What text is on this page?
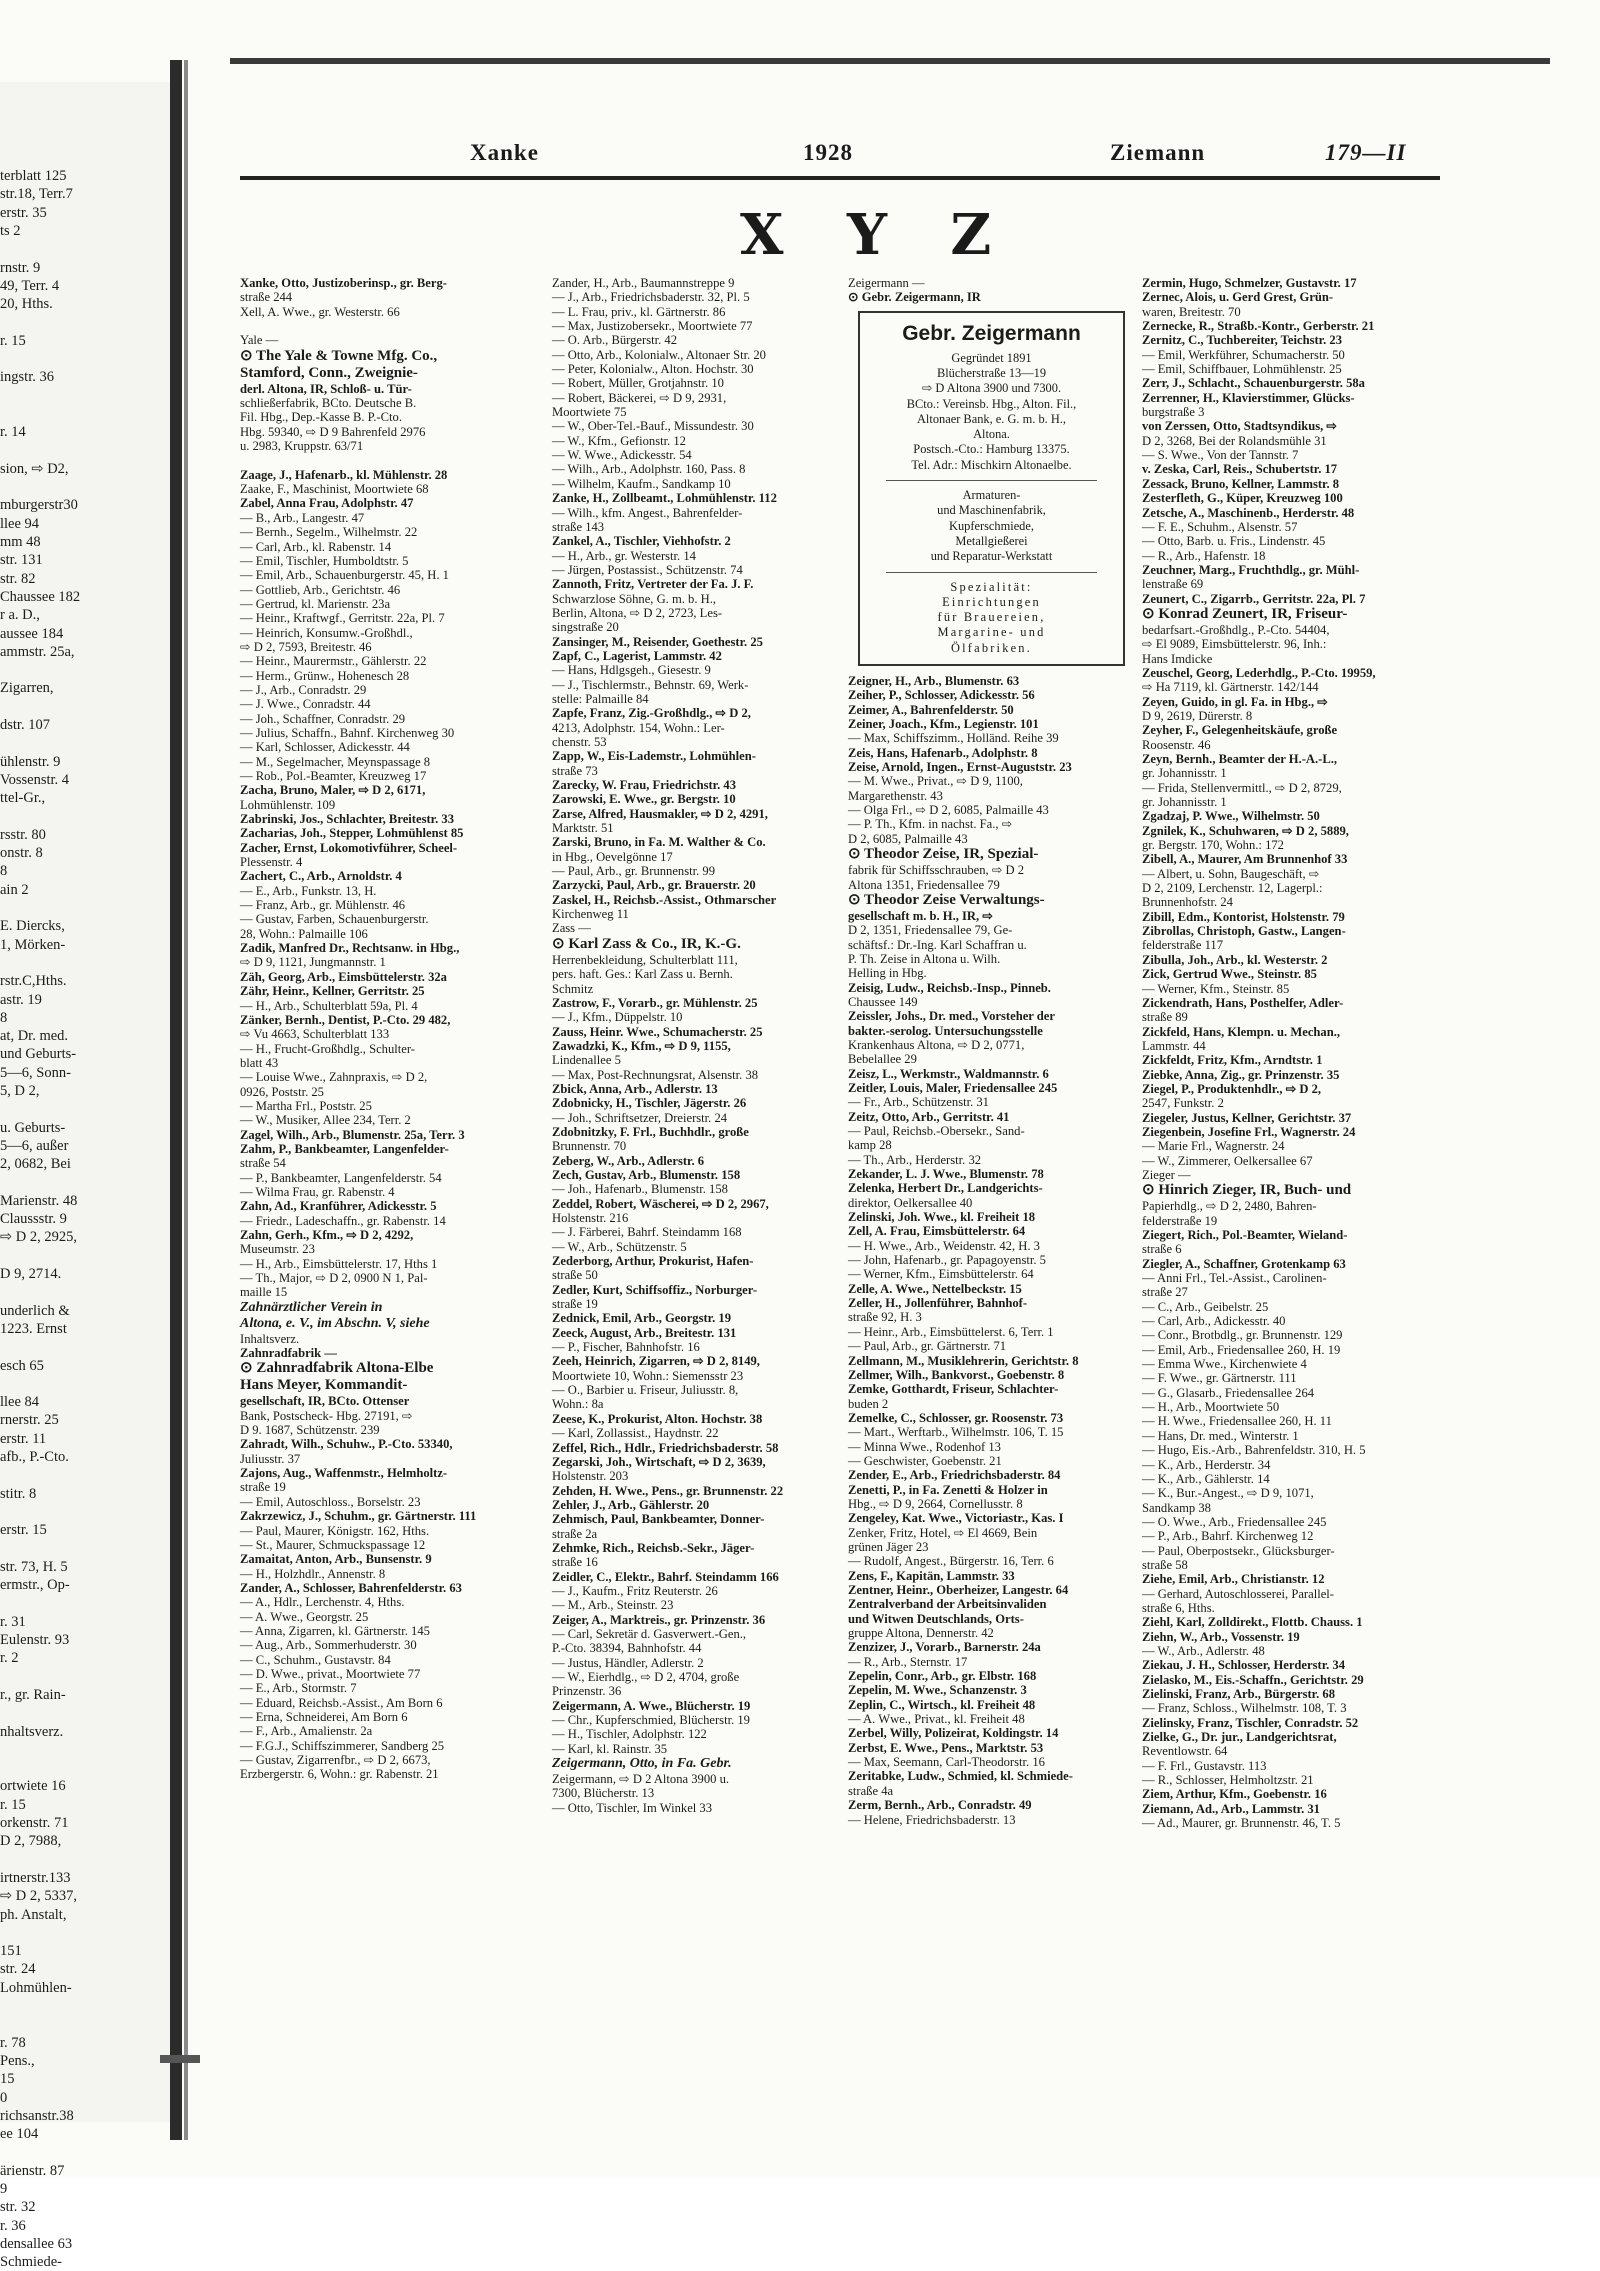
terblatt 125
str.18, Terr.7
erstr. 35
ts 2
rnstr. 9
49, Terr. 4
20, Hths.
r. 15
ingstr. 36
r. 14
sion, ⇨ D2,
mburgerstr30
llee 94
mm 48
str. 131
str. 82
Chaussee 182
r a. D.,
aussee 184
ammstr. 25a,
Zigarren,
dstr. 107
ühlenstr. 9
Vossenstr. 4
ttel-Gr.,
rsstr. 80
onstr. 8
8
ain 2
E. Diercks,
1, Mörken-
rstr.C,Hths.
astr. 19
8
at, Dr. med.
und Geburts-
5—6, Sonn-
5, D 2,
u. Geburts-
5—6, außer
2, 0682, Bei
Marienstr. 48
Claussstr. 9
⇨ D 2, 2925,
D 9, 2714.
underlich &
1223. Ernst
esch 65
llee 84
rnerstr. 25
erstr. 11
afb., P.-Cto.
stitr. 8
erstr. 15
str. 73, H. 5
ermstr., Op-
r. 31
Eulenstr. 93
r. 2
r., gr. Rain-
nhaltsverz.
ortwiete 16
r. 15
orkenstr. 71
D 2, 7988,
irtnerstr.133
⇨ D 2, 5337,
ph. Anstalt,
151
str. 24
Lohmühlen-
r. 78
Pens.,
15
0
richsanstr.38
ee 104
ärienstr. 87
9
str. 32
r. 36
densallee 63
Schmiede-
Xanke	1928	Ziemann	179—II
X Y Z
Xanke, Otto, Justizoberinsp., gr. Berg-
straße 244
Xell, A. Wwe., gr. Westerstr. 66

Yale —
⊙ The Yale & Towne Mfg. Co.,
Stamford, Conn., Zweignie-
derl. Altona, IR, Schloß- u. Tür-
schließerfabrik, BCto. Deutsche B.
Fil. Hbg., Dep.-Kasse B. P.-Cto.
Hbg. 59340, ⇨ D 9 Bahrenfeld 2976
u. 2983, Kruppstr. 63/71

Zaage, J., Hafenarb., kl. Mühlenstr. 28
Zaake, F., Maschinist, Moortwiete 68
Zabel, Anna Frau, Adolphstr. 47
— B., Arb., Langestr. 47
— Bernh., Segelm., Wilhelmstr. 22
— Carl, Arb., kl. Rabenstr. 14
— Emil, Tischler, Humboldtstr. 5
— Emil, Arb., Schauenburgerstr. 45, H. 1
— Gottlieb, Arb., Gerichtstr. 46
— Gertrud, kl. Marienstr. 23a
— Heinr., Kraftwgf., Gerritstr. 22a, Pl. 7
— Heinrich, Konsumw.-Großhdl.,
⇨ D 2, 7593, Breitestr. 46
— Heinr., Maurermstr., Gählerstr. 22
— Herm., Grünw., Hohenesch 28
— J., Arb., Conradstr. 29
— J. Wwe., Conradstr. 44
— Joh., Schaffner, Conradstr. 29
— Julius, Schaffn., Bahnf. Kirchenweg 30
— Karl, Schlosser, Adickesstr. 44
— M., Segelmacher, Meynspassage 8
— Rob., Pol.-Beamter, Kreuzweg 17
Zacha, Bruno, Maler, ⇨ D 2, 6171,
Lohmühlenstr. 109
Zabrinski, Jos., Schlachter, Breitestr. 33
Zacharias, Joh., Stepper, Lohmühlenst 85
Zacher, Ernst, Lokomotivführer, Scheel-
Plessenstr. 4
Zachert, C., Arb., Arnoldstr. 4
— E., Arb., Funkstr. 13, H.
— Franz, Arb., gr. Mühlenstr. 46
— Gustav, Farben, Schauenburgerstr.
28, Wohn.: Palmaille 106
Zadik, Manfred Dr., Rechtsanw. in Hbg.,
⇨ D 9, 1121, Jungmannstr. 1
Zäh, Georg, Arb., Eimsbüttelerstr. 32a
Zähr, Heinr., Kellner, Gerritstr. 25
— H., Arb., Schulterblatt 59a, Pl. 4
Zänker, Bernh., Dentist, P.-Cto. 29 482,
⇨ Vu 4663, Schulterblatt 133
— H., Frucht-Großhdlg., Schulter-
blatt 43
— Louise Wwe., Zahnpraxis, ⇨ D 2,
0926, Poststr. 25
— Martha Frl., Poststr. 25
— W., Musiker, Allee 234, Terr. 2
Zagel, Wilh., Arb., Blumenstr. 25a, Terr. 3
Zahm, P., Bankbeamter, Langenfelder-
straße 54
— P., Bankbeamter, Langenfelderstr. 54
— Wilma Frau, gr. Rabenstr. 4
Zahn, Ad., Kranführer, Adickesstr. 5
— Friedr., Ladeschaffn., gr. Rabenstr. 14
Zahn, Gerh., Kfm., ⇨ D 2, 4292,
Museumstr. 23
— H., Arb., Eimsbüttelerstr. 17, Hths 1
— Th., Major, ⇨ D 2, 0900 N 1, Pal-
maille 15
Zahnärztlicher Verein in
Altona, e. V., im Abschn. V, siehe
Inhaltsverz.
Zahnradfabrik —
⊙ Zahnradfabrik Altona-Elbe
Hans Meyer, Kommandit-
gesellschaft, IR, BCto. Ottenser
Bank, Postscheck- Hbg. 27191, ⇨
D 9. 1687, Schützenstr. 239
Zahradt, Wilh., Schuhw., P.-Cto. 53340,
Juliusstr. 37
Zajons, Aug., Waffenmstr., Helmholtz-
straße 19
— Emil, Autoschloss., Borselstr. 23
Zakrzewicz, J., Schuhm., gr. Gärtnerstr. 111
— Paul, Maurer, Königstr. 162, Hths.
— St., Maurer, Schmuckspassage 12
Zamaitat, Anton, Arb., Bunsenstr. 9
— H., Holzhdlr., Annenstr. 8
Zander, A., Schlosser, Bahrenfelderstr. 63
— A., Hdlr., Lerchenstr. 4, Hths.
— A. Wwe., Georgstr. 25
— Anna, Zigarren, kl. Gärtnerstr. 145
— Aug., Arb., Sommerhuderstr. 30
— C., Schuhm., Gustavstr. 84
— D. Wwe., privat., Moortwiete 77
— E., Arb., Stormstr. 7
— Eduard, Reichsb.-Assist., Am Born 6
— Erna, Schneiderei, Am Born 6
— F., Arb., Amalienstr. 2a
— F.G.J., Schiffszimmerer, Sandberg 25
— Gustav, Zigarrenfbr., ⇨ D 2, 6673,
Erzbergerstr. 6, Wohn.: gr. Rabenstr. 21
Zander, H., Arb., Baumannstreppe 9
— J., Arb., Friedrichsbaderstr. 32, Pl. 5
— L. Frau, priv., kl. Gärtnerstr. 86
— Max, Justizobersekr., Moortwiete 77
— O. Arb., Bürgerstr. 42
— Otto, Arb., Kolonialw., Altonaer Str. 20
— Peter, Kolonialw., Alton. Hochstr. 30
— Robert, Müller, Grotjahnstr. 10
— Robert, Bäckerei, ⇨ D 9, 2931,
Moortwiete 75
— W., Ober-Tel.-Bauf., Missundestr. 30
— W., Kfm., Gefionstr. 12
— W. Wwe., Adickesstr. 54
— Wilh., Arb., Adolphstr. 160, Pass. 8
— Wilhelm, Kaufm., Sandkamp 10
Zanke, H., Zollbeamt., Lohmühlenstr. 112
— Wilh., kfm. Angest., Bahrenfelder-
straße 143
Zankel, A., Tischler, Viehhofstr. 2
— H., Arb., gr. Westerstr. 14
— Jürgen, Postassist., Schützenstr. 74
Zannoth, Fritz, Vertreter der Fa. J. F.
Schwarzlose Söhne, G. m. b. H.,
Berlin, Altona, ⇨ D 2, 2723, Les-
singstraße 20
Zansinger, M., Reisender, Goethestr. 25
Zapf, C., Lagerist, Lammstr. 42
— Hans, Hdlgsgeh., Giesestr. 9
— J., Tischlermstr., Behnstr. 69, Werk-
stelle: Palmaille 84
Zapfe, Franz, Zig.-Großhdlg., ⇨ D 2,
4213, Adolphstr. 154, Wohn.: Ler-
chenstr. 53
Zapp, W., Eis-Lademstr., Lohmühlen-
straße 73
Zarecky, W. Frau, Friedrichstr. 43
Zarowski, E. Wwe., gr. Bergstr. 10
Zarse, Alfred, Hausmakler, ⇨ D 2, 4291,
Marktstr. 51
Zarski, Bruno, in Fa. M. Walther & Co.
in Hbg., Oevelgönne 17
— Paul, Arb., gr. Brunnenstr. 99
Zarzycki, Paul, Arb., gr. Brauerstr. 20
Zaskel, H., Reichsb.-Assist., Othmarscher
Kirchenweg 11
Zass —
⊙ Karl Zass & Co., IR, K.-G.
Herrenbekleidung, Schulterblatt 111,
pers. haft. Ges.: Karl Zass u. Bernh.
Schmitz
Zastrow, F., Vorarb., gr. Mühlenstr. 25
— J., Kfm., Düppelstr. 10
Zauss, Heinr. Wwe., Schumacherstr. 25
Zawadzki, K., Kfm., ⇨ D 9, 1155,
Lindenallee 5
— Max, Post-Rechnungsrat, Alsenstr. 38
Zbick, Anna, Arb., Adlerstr. 13
Zdobnicky, H., Tischler, Jägerstr. 26
— Joh., Schriftsetzer, Dreierstr. 24
Zdobnitzky, F. Frl., Buchhdlr., große
Brunnenstr. 70
Zeberg, W., Arb., Adlerstr. 6
Zech, Gustav, Arb., Blumenstr. 158
— Joh., Hafenarb., Blumenstr. 158
Zeddel, Robert, Wäscherei, ⇨ D 2, 2967,
Holstenstr. 216
— J. Färberei, Bahrf. Steindamm 168
— W., Arb., Schützenstr. 5
Zederborg, Arthur, Prokurist, Hafen-
straße 50
Zedler, Kurt, Schiffsoffiz., Norburger-
straße 19
Zednick, Emil, Arb., Georgstr. 19
Zeeck, August, Arb., Breitestr. 131
— P., Fischer, Bahnhofstr. 16
Zeeh, Heinrich, Zigarren, ⇨ D 2, 8149,
Moortwiete 10, Wohn.: Siemensstr 23
— O., Barbier u. Friseur, Juliusstr. 8,
Wohn.: 8a
Zeese, K., Prokurist, Alton. Hochstr. 38
— Karl, Zollassist., Haydnstr. 22
Zeffel, Rich., Hdlr., Friedrichsbaderstr. 58
Zegarski, Joh., Wirtschaft, ⇨ D 2, 3639,
Holstenstr. 203
Zehden, H. Wwe., Pens., gr. Brunnenstr. 22
Zehler, J., Arb., Gählerstr. 20
Zehmisch, Paul, Bankbeamter, Donner-
straße 2a
Zehmke, Rich., Reichsb.-Sekr., Jäger-
straße 16
Zeidler, C., Elektr., Bahrf. Steindamm 166
— J., Kaufm., Fritz Reuterstr. 26
— M., Arb., Steinstr. 23
Zeiger, A., Marktreis., gr. Prinzenstr. 36
— Carl, Sekretär d. Gasverwert.-Gen.,
P.-Cto. 38394, Bahnhofstr. 44
— Justus, Händler, Adlerstr. 2
— W., Eierhdlg., ⇨ D 2, 4704, große
Prinzenstr. 36
Zeigermann, A. Wwe., Blücherstr. 19
— Chr., Kupferschmied, Blücherstr. 19
— H., Tischler, Adolphstr. 122
— Karl, kl. Rainstr. 35
Zeigermann, Otto, in Fa. Gebr.
Zeigermann, ⇨ D 2 Altona 3900 u.
7300, Blücherstr. 13
— Otto, Tischler, Im Winkel 33
Zeigermann —
⊙ Gebr. Zeigermann, IR
Gebr. Zeigermann
Gegründet 1891
Blücherstraße 13—19
⇨ D Altona 3900 und 7300.
BCto.: Vereinsb. Hbg., Alton. Fil.,
Altonaer Bank, e. G. m. b. H.,
Altona.
Postsch.-Cto.: Hamburg 13375.
Tel. Adr.: Mischkirn Altonaelbe.
Armaturen-
und Maschinenfabrik,
Kupferschmiede,
Metallgießerei
und Reparatur-Werkstatt
Spezialität:
Einrichtungen
für Brauereien,
Margarine- und
Ölfabriken.
Zeigner, H., Arb., Blumenstr. 63
Zeiher, P., Schlosser, Adickesstr. 56
Zeimer, A., Bahrenfelderstr. 50
Zeiner, Joach., Kfm., Legienstr. 101
— Max, Schiffszimm., Holländ. Reihe 39
Zeis, Hans, Hafenarb., Adolphstr. 8
Zeise, Arnold, Ingen., Ernst-Auguststr. 23
— M. Wwe., Privat., ⇨ D 9, 1100,
Margarethenstr. 43
— Olga Frl., ⇨ D 2, 6085, Palmaille 43
— P. Th., Kfm. in nachst. Fa., ⇨
D 2, 6085, Palmaille 43
⊙ Theodor Zeise, IR, Spezial-
fabrik für Schiffsschrauben, ⇨ D 2
Altona 1351, Friedensallee 79
⊙ Theodor Zeise Verwaltungs-
gesellschaft m. b. H., IR, ⇨
D 2, 1351, Friedensallee 79, Ge-
schäftsf.: Dr.-Ing. Karl Schaffran u.
P. Th. Zeise in Altona u. Wilh.
Helling in Hbg.
Zeisig, Ludw., Reichsb.-Insp., Pinneb.
Chaussee 149
Zeissler, Johs., Dr. med., Vorsteher der
bakter.-serolog. Untersuchungsstelle
Krankenhaus Altona, ⇨ D 2, 0771,
Bebelallee 29
Zeisz, L., Werkmstr., Waldmannstr. 6
Zeitler, Louis, Maler, Friedensallee 245
— Fr., Arb., Schützenstr. 31
Zeitz, Otto, Arb., Gerritstr. 41
— Paul, Reichsb.-Obersekr., Sand-
kamp 28
— Th., Arb., Herderstr. 32
Zekander, L. J. Wwe., Blumenstr. 78
Zelenka, Herbert Dr., Landgerichts-
direktor, Oelkersallee 40
Zelinski, Joh. Wwe., kl. Freiheit 18
Zell, A. Frau, Eimsbüttelerstr. 64
— H. Wwe., Arb., Weidenstr. 42, H. 3
— John, Hafenarb., gr. Papagoyenstr. 5
— Werner, Kfm., Eimsbüttelerstr. 64
Zelle, A. Wwe., Nettelbeckstr. 15
Zeller, H., Jollenführer, Bahnhof-
straße 92, H. 3
— Heinr., Arb., Eimsbüttelerst. 6, Terr. 1
— Paul, Arb., gr. Gärtnerstr. 71
Zellmann, M., Musiklehrerin, Gerichtstr. 8
Zellmer, Wilh., Bankvorst., Goebenstr. 8
Zemke, Gotthardt, Friseur, Schlachter-
buden 2
Zemelke, C., Schlosser, gr. Roosenstr. 73
— Mart., Werftarb., Wilhelmstr. 106, T. 15
— Minna Wwe., Rodenhof 13
— Geschwister, Goebenstr. 21
Zender, E., Arb., Friedrichsbaderstr. 84
Zenetti, P., in Fa. Zenetti & Holzer in
Hbg., ⇨ D 9, 2664, Cornellusstr. 8
Zengeley, Kat. Wwe., Victoriastr., Kas. I
Zenker, Fritz, Hotel, ⇨ El 4669, Bein
grünen Jäger 23
— Rudolf, Angest., Bürgerstr. 16, Terr. 6
Zens, F., Kapitän, Lammstr. 33
Zentner, Heinr., Oberheizer, Langestr. 64
Zentralverband der Arbeitsinvaliden
und Witwen Deutschlands, Orts-
gruppe Altona, Dennerstr. 42
Zenzizer, J., Vorarb., Barnerstr. 24a
— R., Arb., Sternstr. 17
Zepelin, Conr., Arb., gr. Elbstr. 168
Zepelin, M. Wwe., Schanzenstr. 3
Zeplin, C., Wirtsch., kl. Freiheit 48
— A. Wwe., Privat., kl. Freiheit 48
Zerbel, Willy, Polizeirat, Koldingstr. 14
Zerbst, E. Wwe., Pens., Marktstr. 53
— Max, Seemann, Carl-Theodorstr. 16
Zeritabke, Ludw., Schmied, kl. Schmiede-
straße 4a
Zerm, Bernh., Arb., Conradstr. 49
— Helene, Friedrichsbaderstr. 13
Zermin, Hugo, Schmelzer, Gustavstr. 17
Zernec, Alois, u. Gerd Grest, Grün-
waren, Breitestr. 70
Zernecke, R., Straßb.-Kontr., Gerberstr. 21
Zernitz, C., Tuchbereiter, Teichstr. 23
— Emil, Werkführer, Schumacherstr. 50
— Emil, Schiffbauer, Lohmühlenstr. 25
Zerr, J., Schlacht., Schauenburgerstr. 58a
Zerrenner, H., Klavierstimmer, Glücks-
burgstraße 3
von Zerssen, Otto, Stadtsyndikus, ⇨
D 2, 3268, Bei der Rolandsmühle 31
— S. Wwe., Von der Tannstr. 7
v. Zeska, Carl, Reis., Schubertstr. 17
Zessack, Bruno, Kellner, Lammstr. 8
Zesterfleth, G., Küper, Kreuzweg 100
Zetsche, A., Maschinenb., Herderstr. 48
— F. E., Schuhm., Alsenstr. 57
— Otto, Barb. u. Fris., Lindenstr. 45
— R., Arb., Hafenstr. 18
Zeuchner, Marg., Fruchthdlg., gr. Mühl-
lenstraße 69
Zeunert, C., Zigarrb., Gerritstr. 22a, Pl. 7
⊙ Konrad Zeunert, IR, Friseur-
bedarfsart.-Großhdlg., P.-Cto. 54404,
⇨ El 9089, Eimsbüttelerstr. 96, Inh.:
Hans Imdicke
Zeuschel, Georg, Lederhdlg., P.-Cto. 19959,
⇨ Ha 7119, kl. Gärtnerstr. 142/144
Zeyen, Guido, in gl. Fa. in Hbg., ⇨
D 9, 2619, Dürerstr. 8
Zeyher, F., Gelegenheitskäufe, große
Roosenstr. 46
Zeyn, Bernh., Beamter der H.-A.-L.,
gr. Johannisstr. 1
— Frida, Stellenvermittl., ⇨ D 2, 8729,
gr. Johannisstr. 1
Zgadzaj, P. Wwe., Wilhelmstr. 50
Zgnilek, K., Schuhwaren, ⇨ D 2, 5889,
gr. Bergstr. 170, Wohn.: 172
Zibell, A., Maurer, Am Brunnenhof 33
— Albert, u. Sohn, Baugeschäft, ⇨
D 2, 2109, Lerchenstr. 12, Lagerpl.:
Brunnenhofstr. 24
Zibill, Edm., Kontorist, Holstenstr. 79
Zibrollas, Christoph, Gastw., Langen-
felderstraße 117
Zibulla, Joh., Arb., kl. Westerstr. 2
Zick, Gertrud Wwe., Steinstr. 85
— Werner, Kfm., Steinstr. 85
Zickendrath, Hans, Posthelfer, Adler-
straße 89
Zickfeld, Hans, Klempn. u. Mechan.,
Lammstr. 44
Zickfeldt, Fritz, Kfm., Arndtstr. 1
Ziebke, Anna, Zig., gr. Prinzenstr. 35
Ziegel, P., Produktenhdlr., ⇨ D 2,
2547, Funkstr. 2
Ziegeler, Justus, Kellner, Gerichtstr. 37
Ziegenbein, Josefine Frl., Wagnerstr. 24
— Marie Frl., Wagnerstr. 24
— W., Zimmerer, Oelkersallee 67
Zieger —
⊙ Hinrich Zieger, IR, Buch- und
Papierhdlg., ⇨ D 2, 2480, Bahren-
felderstraße 19
Ziegert, Rich., Pol.-Beamter, Wieland-
straße 6
Ziegler, A., Schaffner, Grotenkamp 63
— Anni Frl., Tel.-Assist., Carolinen-
straße 27
— C., Arb., Geibelstr. 25
— Carl, Arb., Adickesstr. 40
— Conr., Brotbdlg., gr. Brunnenstr. 129
— Emil, Arb., Friedensallee 260, H. 19
— Emma Wwe., Kirchenwiete 4
— F. Wwe., gr. Gärtnerstr. 111
— G., Glasarb., Friedensallee 264
— H., Arb., Moortwiete 50
— H. Wwe., Friedensallee 260, H. 11
— Hans, Dr. med., Winterstr. 1
— Hugo, Eis.-Arb., Bahrenfeldstr. 310, H. 5
— K., Arb., Herderstr. 34
— K., Arb., Gählerstr. 14
— K., Bur.-Angest., ⇨ D 9, 1071,
Sandkamp 38
— O. Wwe., Arb., Friedensallee 245
— P., Arb., Bahrf. Kirchenweg 12
— Paul, Oberpostsekr., Glücksburger-
straße 58
Ziehe, Emil, Arb., Christianstr. 12
— Gerhard, Autoschlosserei, Parallel-
straße 6, Hths.
Ziehl, Karl, Zolldirekt., Flottb. Chauss. 1
Ziehn, W., Arb., Vossenstr. 19
— W., Arb., Adlerstr. 48
Ziekau, J. H., Schlosser, Herderstr. 34
Zielasko, M., Eis.-Schaffn., Gerichtstr. 29
Zielinski, Franz, Arb., Bürgerstr. 68
— Franz, Schloss., Wilhelmstr. 108, T. 3
Zielinsky, Franz, Tischler, Conradstr. 52
Zielke, G., Dr. jur., Landgerichtsrat,
Reventlowstr. 64
— F. Frl., Gustavstr. 113
— R., Schlosser, Helmholtzstr. 21
Ziem, Arthur, Kfm., Goebenstr. 16
Ziemann, Ad., Arb., Lammstr. 31
— Ad., Maurer, gr. Brunnenstr. 46, T. 5
